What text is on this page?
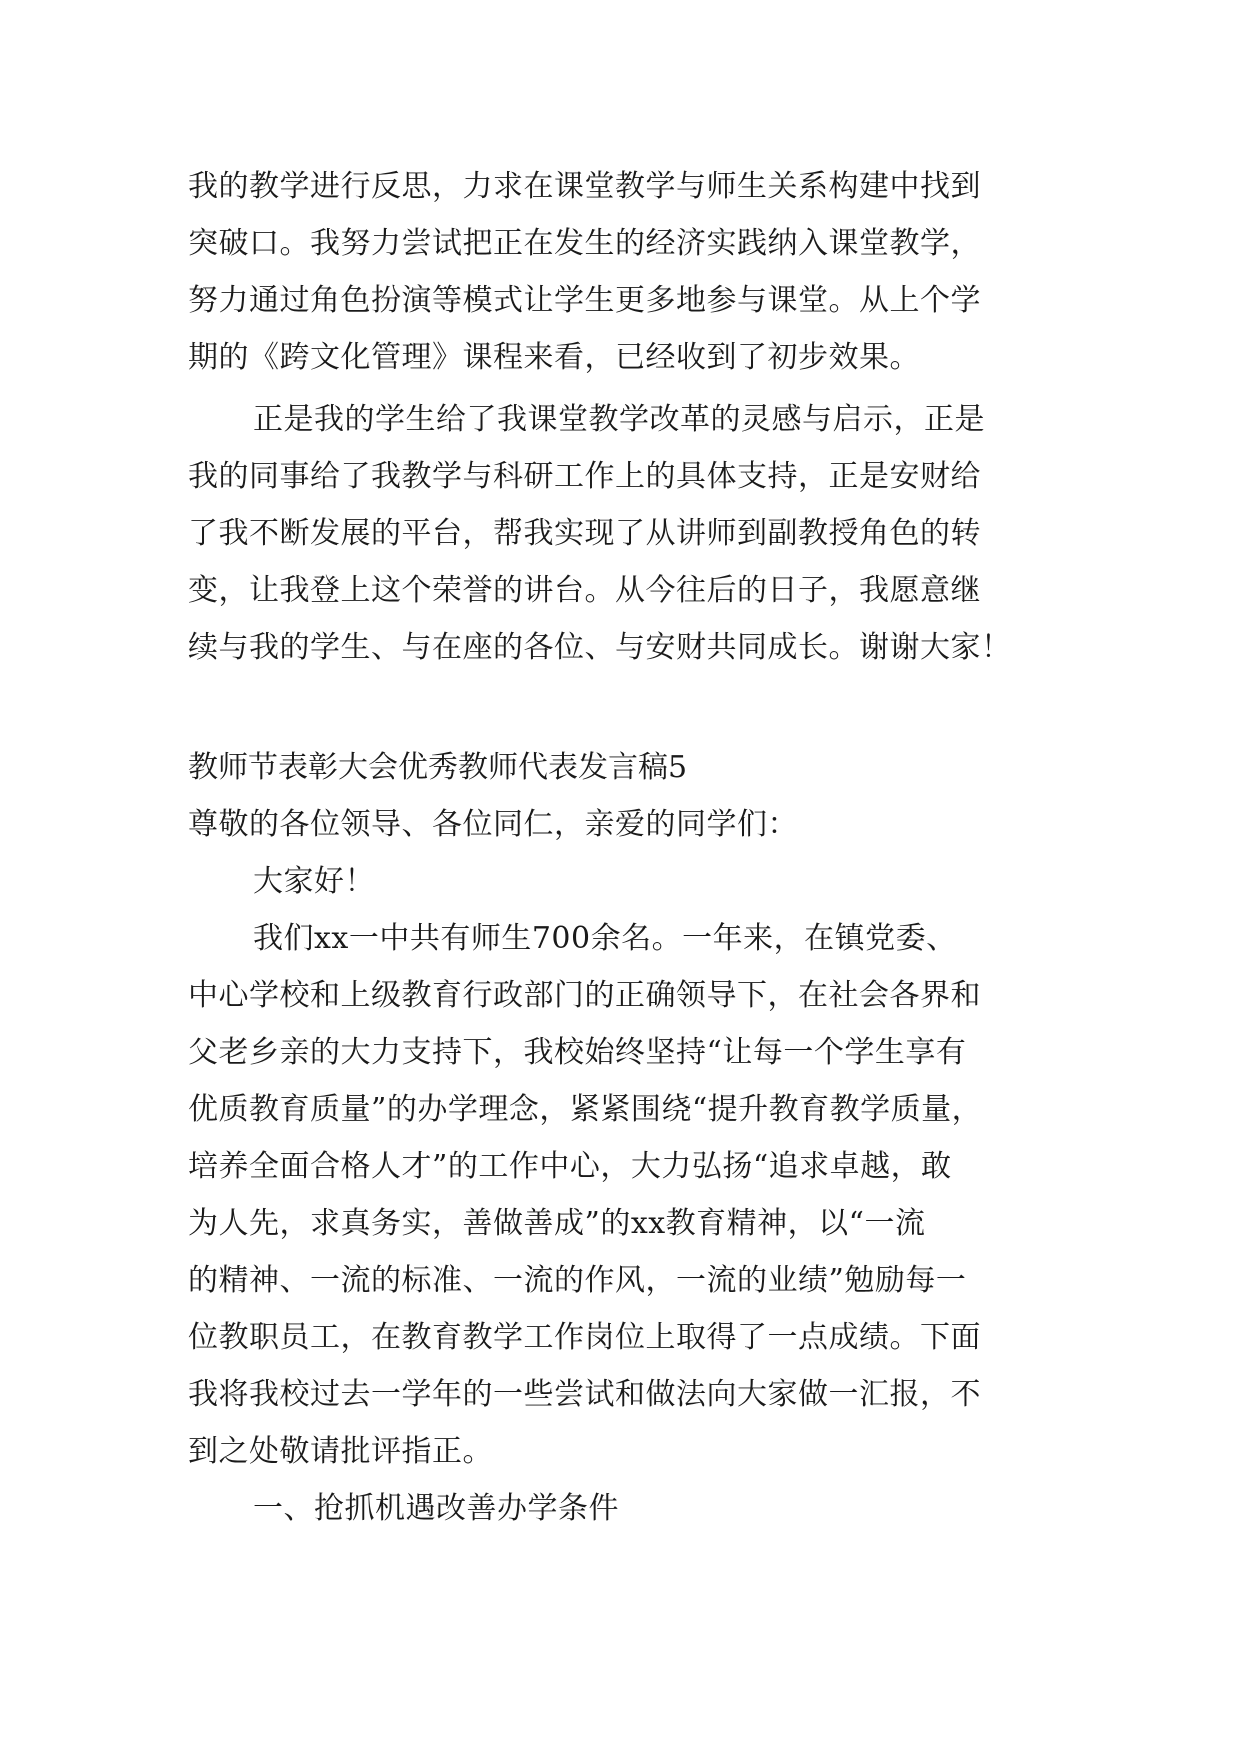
我的教学进行反思，力求在课堂教学与师生关系构建中找到
突破口。我努力尝试把正在发生的经济实践纳入课堂教学，
努力通过角色扮演等模式让学生更多地参与课堂。从上个学
期的《跨文化管理》课程来看，已经收到了初步效果。
正是我的学生给了我课堂教学改革的灵感与启示，正是
我的同事给了我教学与科研工作上的具体支持，正是安财给
了我不断发展的平台，帮我实现了从讲师到副教授角色的转
变，让我登上这个荣誉的讲台。从今往后的日子，我愿意继
续与我的学生、与在座的各位、与安财共同成长。谢谢大家！
教师节表彰大会优秀教师代表发言稿5
尊敬的各位领导、各位同仁，亲爱的同学们：
大家好！
我们xx一中共有师生700余名。一年来，在镇党委、
中心学校和上级教育行政部门的正确领导下，在社会各界和
父老乡亲的大力支持下，我校始终坚持“让每一个学生享有
优质教育质量”的办学理念，紧紧围绕“提升教育教学质量，
培养全面合格人才”的工作中心，大力弘扬“追求卓越，敢
为人先，求真务实，善做善成”的xx教育精神，以“一流
的精神、一流的标准、一流的作风，一流的业绩”勉励每一
位教职员工，在教育教学工作岗位上取得了一点成绩。下面
我将我校过去一学年的一些尝试和做法向大家做一汇报，不
到之处敬请批评指正。
一、抢抓机遇改善办学条件
